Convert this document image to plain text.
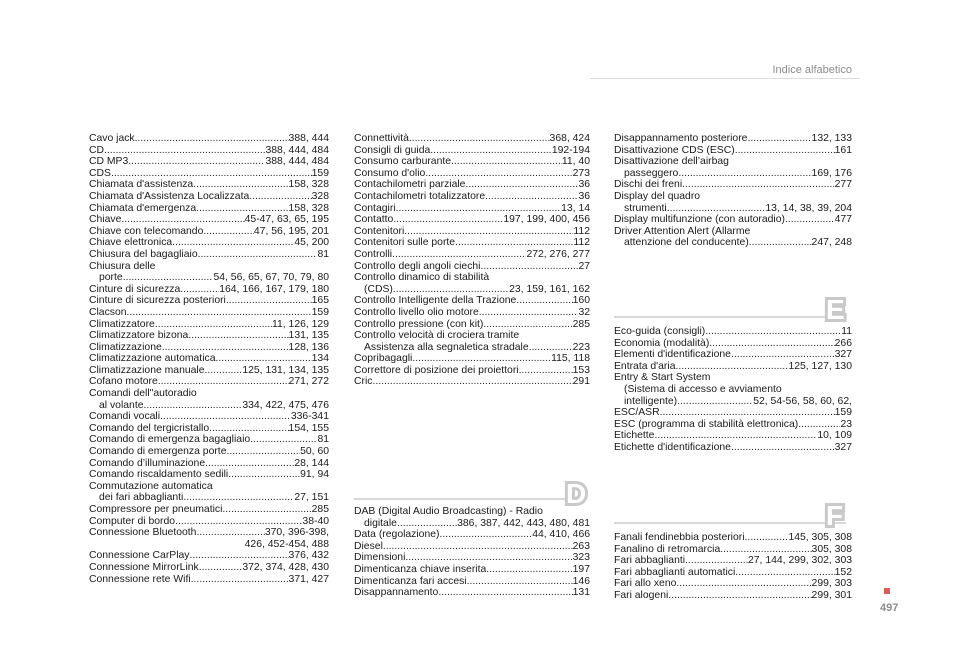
Indice alfabetico
Cavo jack .....	388, 444
CD .....	388, 444, 484
CD MP3 .....	388, 444, 484
CDS .....	159
Chiamata d'assistenza .....	158, 328
Chiamata d'Assistenza Localizzata .....	328
Chiamata d'emergenza .....	158, 328
Chiave .....	45-47, 63, 65, 195
Chiave con telecomando .....	47, 56, 195, 201
Chiave elettronica .....	45, 200
Chiusura del bagagliaio .....	81
Chiusura delle
porte .....	54, 56, 65, 67, 70, 79, 80
Cinture di sicurezza .....	164, 166, 167, 179, 180
Cinture di sicurezza posteriori .....	165
Clacson .....	159
Climatizzatore .....	11, 126, 129
Climatizzatore bizona .....	131, 135
Climatizzazione .....	128, 136
Climatizzazione automatica .....	134
Climatizzazione manuale .....	125, 131, 134, 135
Cofano motore .....	271, 272
Comandi dell"autoradio
al volante .....	334, 422, 475, 476
Comandi vocali .....	336-341
Comando del tergicristallo .....	154, 155
Comando di emergenza bagagliaio .....	81
Comando di emergenza porte .....	50, 60
Comando d’illuminazione .....	28, 144
Comando riscaldamento sedili .....	91, 94
Commutazione automatica
dei fari abbaglianti .....	27, 151
Compressore per pneumatici .....	285
Computer di bordo .....	38-40
Connessione Bluetooth .....	370, 396-398,
426, 452-454, 488
Connessione CarPlay .....	376, 432
Connessione MirrorLink .....	372, 374, 428, 430
Connessione rete Wifi .....	371, 427
Connettività .....	368, 424
Consigli di guida .....	192-194
Consumo carburante .....	11, 40
Consumo d'olio .....	273
Contachilometri parziale .....	36
Contachilometri totalizzatore .....	36
Contagiri .....	13, 14
Contatto .....	197, 199, 400, 456
Contenitori .....	112
Contenitori sulle porte .....	112
Controlli .....	272, 276, 277
Controllo degli angoli ciechi .....	27
Controllo dinamico di stabilità
(CDS) .....	23, 159, 161, 162
Controllo Intelligente della Trazione .....	160
Controllo livello olio motore .....	32
Controllo pressione (con kit) .....	285
Controllo velocità di crociera tramite
Assistenza alla segnaletica stradale .....	223
Copribagagli .....	115, 118
Correttore di posizione dei proiettori .....	153
Cric .....	291
D
DAB (Digital Audio Broadcasting) - Radio
digitale .....	386, 387, 442, 443, 480, 481
Data (regolazione) .....	44, 410, 466
Diesel .....	263
Dimensioni .....	323
Dimenticanza chiave inserita .....	197
Dimenticanza fari accesi .....	146
Disappannamento .....	131
Disappannamento posteriore .....	132, 133
Disattivazione CDS (ESC) .....	161
Disattivazione dell’airbag
passeggero .....	169, 176
Dischi dei freni .....	277
Display del quadro
strumenti .....	13, 14, 38, 39, 204
Display multifunzione (con autoradio) .....	477
Driver Attention Alert (Allarme
attenzione del conducente) .....	247, 248
E
Eco-guida (consigli) .....	11
Economia (modalità) .....	266
Elementi d'identificazione .....	327
Entrata d'aria .....	125, 127, 130
Entry & Start System
(Sistema di accesso e avviamento
intelligente) .....	52, 54-56, 58, 60, 62,
ESC/ASR .....	159
ESC (programma di stabilità elettronica) .....	23
Etichette .....	10, 109
Etichette d'identificazione .....	327
F
Fanali fendinebbia posteriori .....	145, 305, 308
Fanalino di retromarcia .....	305, 308
Fari abbaglianti .....	27, 144, 299, 302, 303
Fari abbaglianti automatici .....	152
Fari allo xeno .....	299, 303
Fari alogeni .....	299, 301
497
